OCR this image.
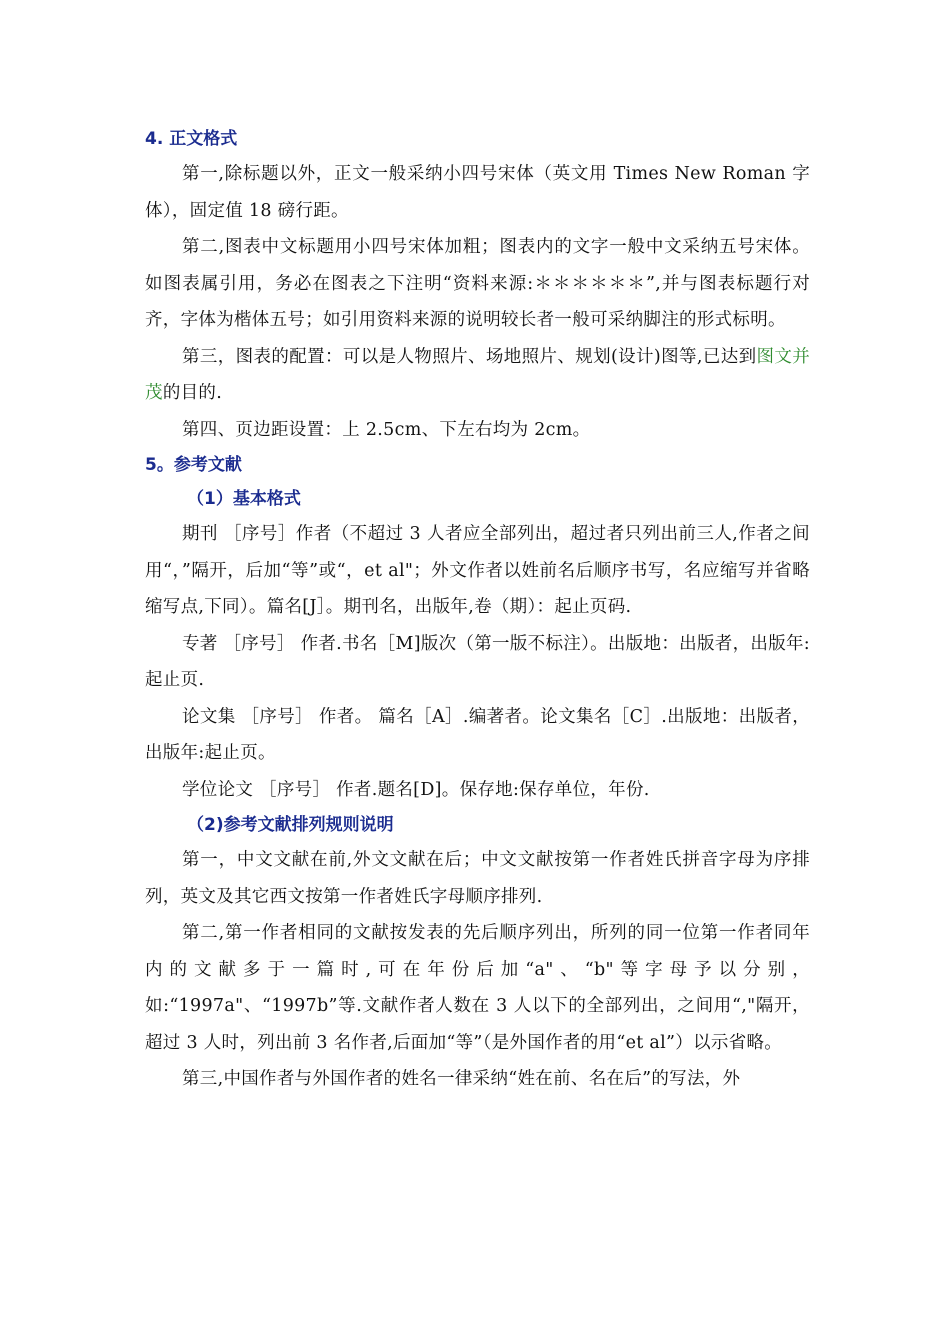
4. 正文格式

第一,除标题以外，正文一般采纳小四号宋体（英文用 Times New Roman 字体），固定值 18 磅行距。

第二,图表中文标题用小四号宋体加粗；图表内的文字一般中文采纳五号宋体。如图表属引用，务必在图表之下注明“资料来源:＊＊＊＊＊＊”,并与图表标题行对齐，字体为楷体五号；如引用资料来源的说明较长者一般可采纳脚注的形式标明。

第三，图表的配置：可以是人物照片、场地照片、规划(设计)图等,已达到图文并茂的目的.

第四、页边距设置：上 2.5cm、下左右均为 2cm。

5。参考文献
（1）基本格式

期刊 ［序号］作者（不超过 3 人者应全部列出，超过者只列出前三人,作者之间用“，”隔开，后加“等”或“，et al"；外文作者以姓前名后顺序书写，名应缩写并省略缩写点,下同）。篇名[J］。期刊名，出版年,卷（期）：起止页码.

专著 ［序号］ 作者.书名［M]版次（第一版不标注）。出版地：出版者，出版年:起止页.

论文集 ［序号］ 作者。 篇名［A］.编著者。论文集名［C］.出版地：出版者，出版年:起止页。

学位论文 ［序号］ 作者.题名[D]。保存地:保存单位，年份.

（2)参考文献排列规则说明

第一，中文文献在前,外文文献在后；中文文献按第一作者姓氏拼音字母为序排列，英文及其它西文按第一作者姓氏字母顺序排列.

第二,第一作者相同的文献按发表的先后顺序列出，所列的同一位第一作者同年内的文献多于一篇时,可在年份后加“a"、“b"等字母予以分别，如:“1997a"、“1997b”等.文献作者人数在 3 人以下的全部列出，之间用“,"隔开，超过 3 人时，列出前 3 名作者,后面加“等”（是外国作者的用“et al”）以示省略。

第三,中国作者与外国作者的姓名一律采纳“姓在前、名在后”的写法，外
